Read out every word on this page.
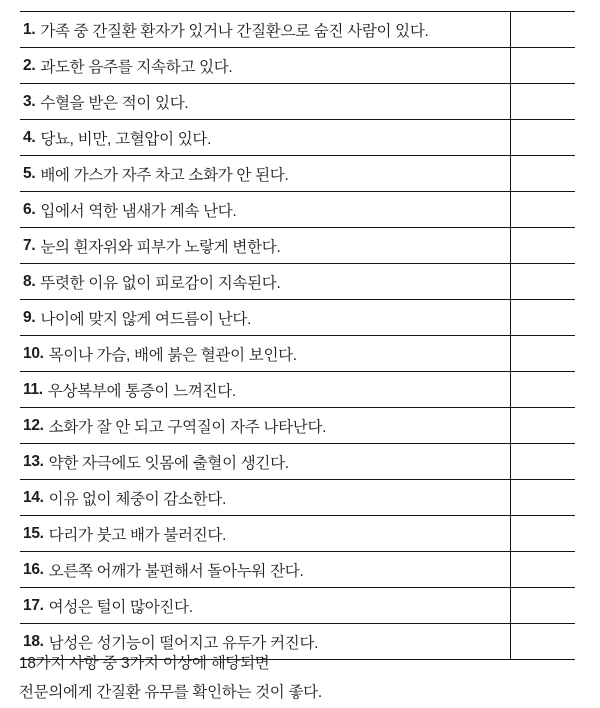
1. 가족 중 간질환 환자가 있거나 간질환으로 숨진 사람이 있다.
2. 과도한 음주를 지속하고 있다.
3. 수혈을 받은 적이 있다.
4. 당뇨, 비만, 고혈압이 있다.
5. 배에 가스가 자주 차고 소화가 안 된다.
6. 입에서 역한 냄새가 계속 난다.
7. 눈의 흰자위와 피부가 노랗게 변한다.
8. 뚜렷한 이유 없이 피로감이 지속된다.
9. 나이에 맞지 않게 여드름이 난다.
10. 목이나 가슴, 배에 붉은 혈관이 보인다.
11. 우상복부에 통증이 느껴진다.
12. 소화가 잘 안 되고 구역질이 자주 나타난다.
13. 약한 자극에도 잇몸에 출혈이 생긴다.
14. 이유 없이 체중이 감소한다.
15. 다리가 붓고 배가 불러진다.
16. 오른쪽 어깨가 불편해서 돌아누워 잔다.
17. 여성은 털이 많아진다.
18. 남성은 성기능이 떨어지고 유두가 커진다.
18가지 사항 중 3가지 이상에 해당되면
전문의에게 간질환 유무를 확인하는 것이 좋다.
